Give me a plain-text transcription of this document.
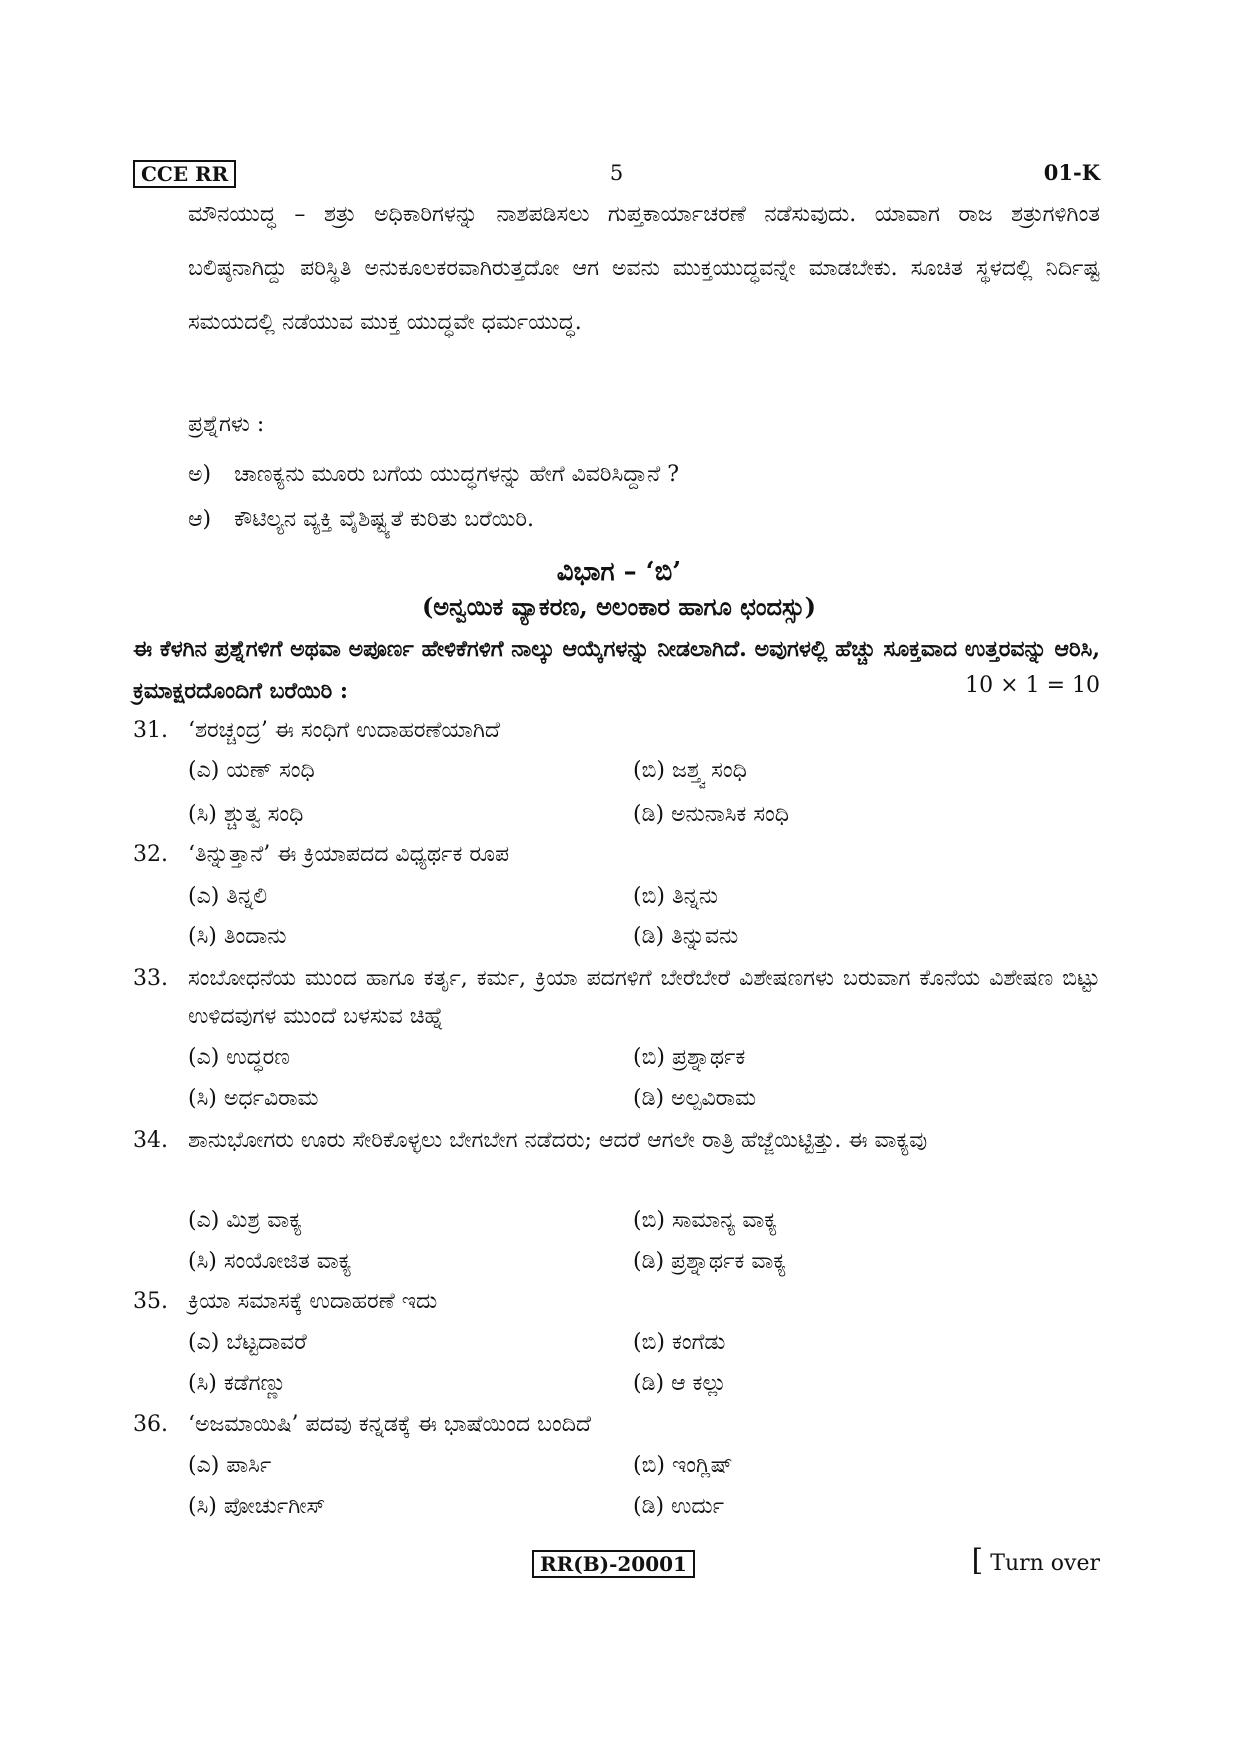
CCE RR	5	01-K
ಮೌನಯುದ್ಧ – ಶತ್ರು ಅಧಿಕಾರಿಗಳನ್ನು ನಾಶಪಡಿಸಲು ಗುಪ್ತಕಾರ್ಯಾಚರಣೆ ನಡೆಸುವುದು. ಯಾವಾಗ ರಾಜ ಶತ್ರುಗಳಿಗಿಂತ ಬಲಿಷ್ಠನಾಗಿದ್ದು ಪರಿಸ್ಥಿತಿ ಅನುಕೂಲಕರವಾಗಿರುತ್ತದೋ ಆಗ ಅವನು ಮುಕ್ತಯುದ್ಧವನ್ನೇ ಮಾಡಬೇಕು. ಸೂಚಿತ ಸ್ಥಳದಲ್ಲಿ ನಿರ್ದಿಷ್ಟ ಸಮಯದಲ್ಲಿ ನಡೆಯುವ ಮುಕ್ತ ಯುದ್ಧವೇ ಧರ್ಮಯುದ್ಧ.
ಪ್ರಶ್ನೆಗಳು :
ಅ) ಚಾಣಕ್ಯನು ಮೂರು ಬಗೆಯ ಯುದ್ಧಗಳನ್ನು ಹೇಗೆ ವಿವರಿಸಿದ್ದಾನೆ ?
ಆ) ಕೌಟಿಲ್ಯನ ವ್ಯಕ್ತಿ ವೈಶಿಷ್ಟ್ಯತೆ ಕುರಿತು ಬರೆಯಿರಿ.
ವಿಭಾಗ – ‘ಬಿ’
(ಅನ್ವಯಿಕ ವ್ಯಾಕರಣ, ಅಲಂಕಾರ ಹಾಗೂ ಛಂದಸ್ಸು)
ಈ ಕೆಳಗಿನ ಪ್ರಶ್ನೆಗಳಿಗೆ ಅಥವಾ ಅಪೂರ್ಣ ಹೇಳಿಕೆಗಳಿಗೆ ನಾಲ್ಕು ಆಯ್ಕೆಗಳನ್ನು ನೀಡಲಾಗಿದೆ. ಅವುಗಳಲ್ಲಿ ಹೆಚ್ಚು ಸೂಕ್ತವಾದ ಉತ್ತರವನ್ನು ಆರಿಸಿ, ಕ್ರಮಾಕ್ಷರದೊಂದಿಗೆ ಬರೆಯಿರಿ :	10 × 1 = 10
31. ‘ಶರಚ್ಚಂದ್ರ’ ಈ ಸಂಧಿಗೆ ಉದಾಹರಣೆಯಾಗಿದೆ
(ಎ) ಯಣ್ ಸಂಧಿ	(ಬಿ) ಜಶ್ತ್ವ ಸಂಧಿ
(ಸಿ) ಶ್ಚುತ್ವ ಸಂಧಿ	(ಡಿ) ಅನುನಾಸಿಕ ಸಂಧಿ
32. ‘ತಿನ್ನುತ್ತಾನೆ’ ಈ ಕ್ರಿಯಾಪದದ ವಿಧ್ಯರ್ಥಕ ರೂಪ
(ಎ) ತಿನ್ನಲಿ	(ಬಿ) ತಿನ್ನನು
(ಸಿ) ತಿಂದಾನು	(ಡಿ) ತಿನ್ನುವನು
33. ಸಂಬೋಧನೆಯ ಮುಂದ ಹಾಗೂ ಕರ್ತೃ, ಕರ್ಮ, ಕ್ರಿಯಾ ಪದಗಳಿಗೆ ಬೇರೆಬೇರೆ ವಿಶೇಷಣಗಳು ಬರುವಾಗ ಕೊನೆಯ ವಿಶೇಷಣ ಬಿಟ್ಟು ಉಳಿದವುಗಳ ಮುಂದೆ ಬಳಸುವ ಚಿಹ್ನೆ
(ಎ) ಉದ್ಧರಣ	(ಬಿ) ಪ್ರಶ್ನಾರ್ಥಕ
(ಸಿ) ಅರ್ಧವಿರಾಮ	(ಡಿ) ಅಲ್ಪವಿರಾಮ
34. ಶಾನುಭೋಗರು ಊರು ಸೇರಿಕೊಳ್ಳಲು ಬೇಗಬೇಗ ನಡೆದರು; ಆದರೆ ಆಗಲೇ ರಾತ್ರಿ ಹೆಜ್ಜೆಯಿಟ್ಟಿತ್ತು. ಈ ವಾಕ್ಯವು
(ಎ) ಮಿಶ್ರ ವಾಕ್ಯ	(ಬಿ) ಸಾಮಾನ್ಯ ವಾಕ್ಯ
(ಸಿ) ಸಂಯೋಜಿತ ವಾಕ್ಯ	(ಡಿ) ಪ್ರಶ್ನಾರ್ಥಕ ವಾಕ್ಯ
35. ಕ್ರಿಯಾ ಸಮಾಸಕ್ಕೆ ಉದಾಹರಣೆ ಇದು
(ಎ) ಬೆಟ್ಟದಾವರೆ	(ಬಿ) ಕಂಗೆಡು
(ಸಿ) ಕಡೆಗಣ್ಣು	(ಡಿ) ಆ ಕಲ್ಲು
36. ‘ಅಜಮಾಯಿಷಿ’ ಪದವು ಕನ್ನಡಕ್ಕೆ ಈ ಭಾಷೆಯಿಂದ ಬಂದಿದೆ
(ಎ) ಪಾರ್ಸಿ	(ಬಿ) ಇಂಗ್ಲಿಷ್
(ಸಿ) ಪೋರ್ಚುಗೀಸ್	(ಡಿ) ಉರ್ದು
RR(B)-20001	[ Turn over
